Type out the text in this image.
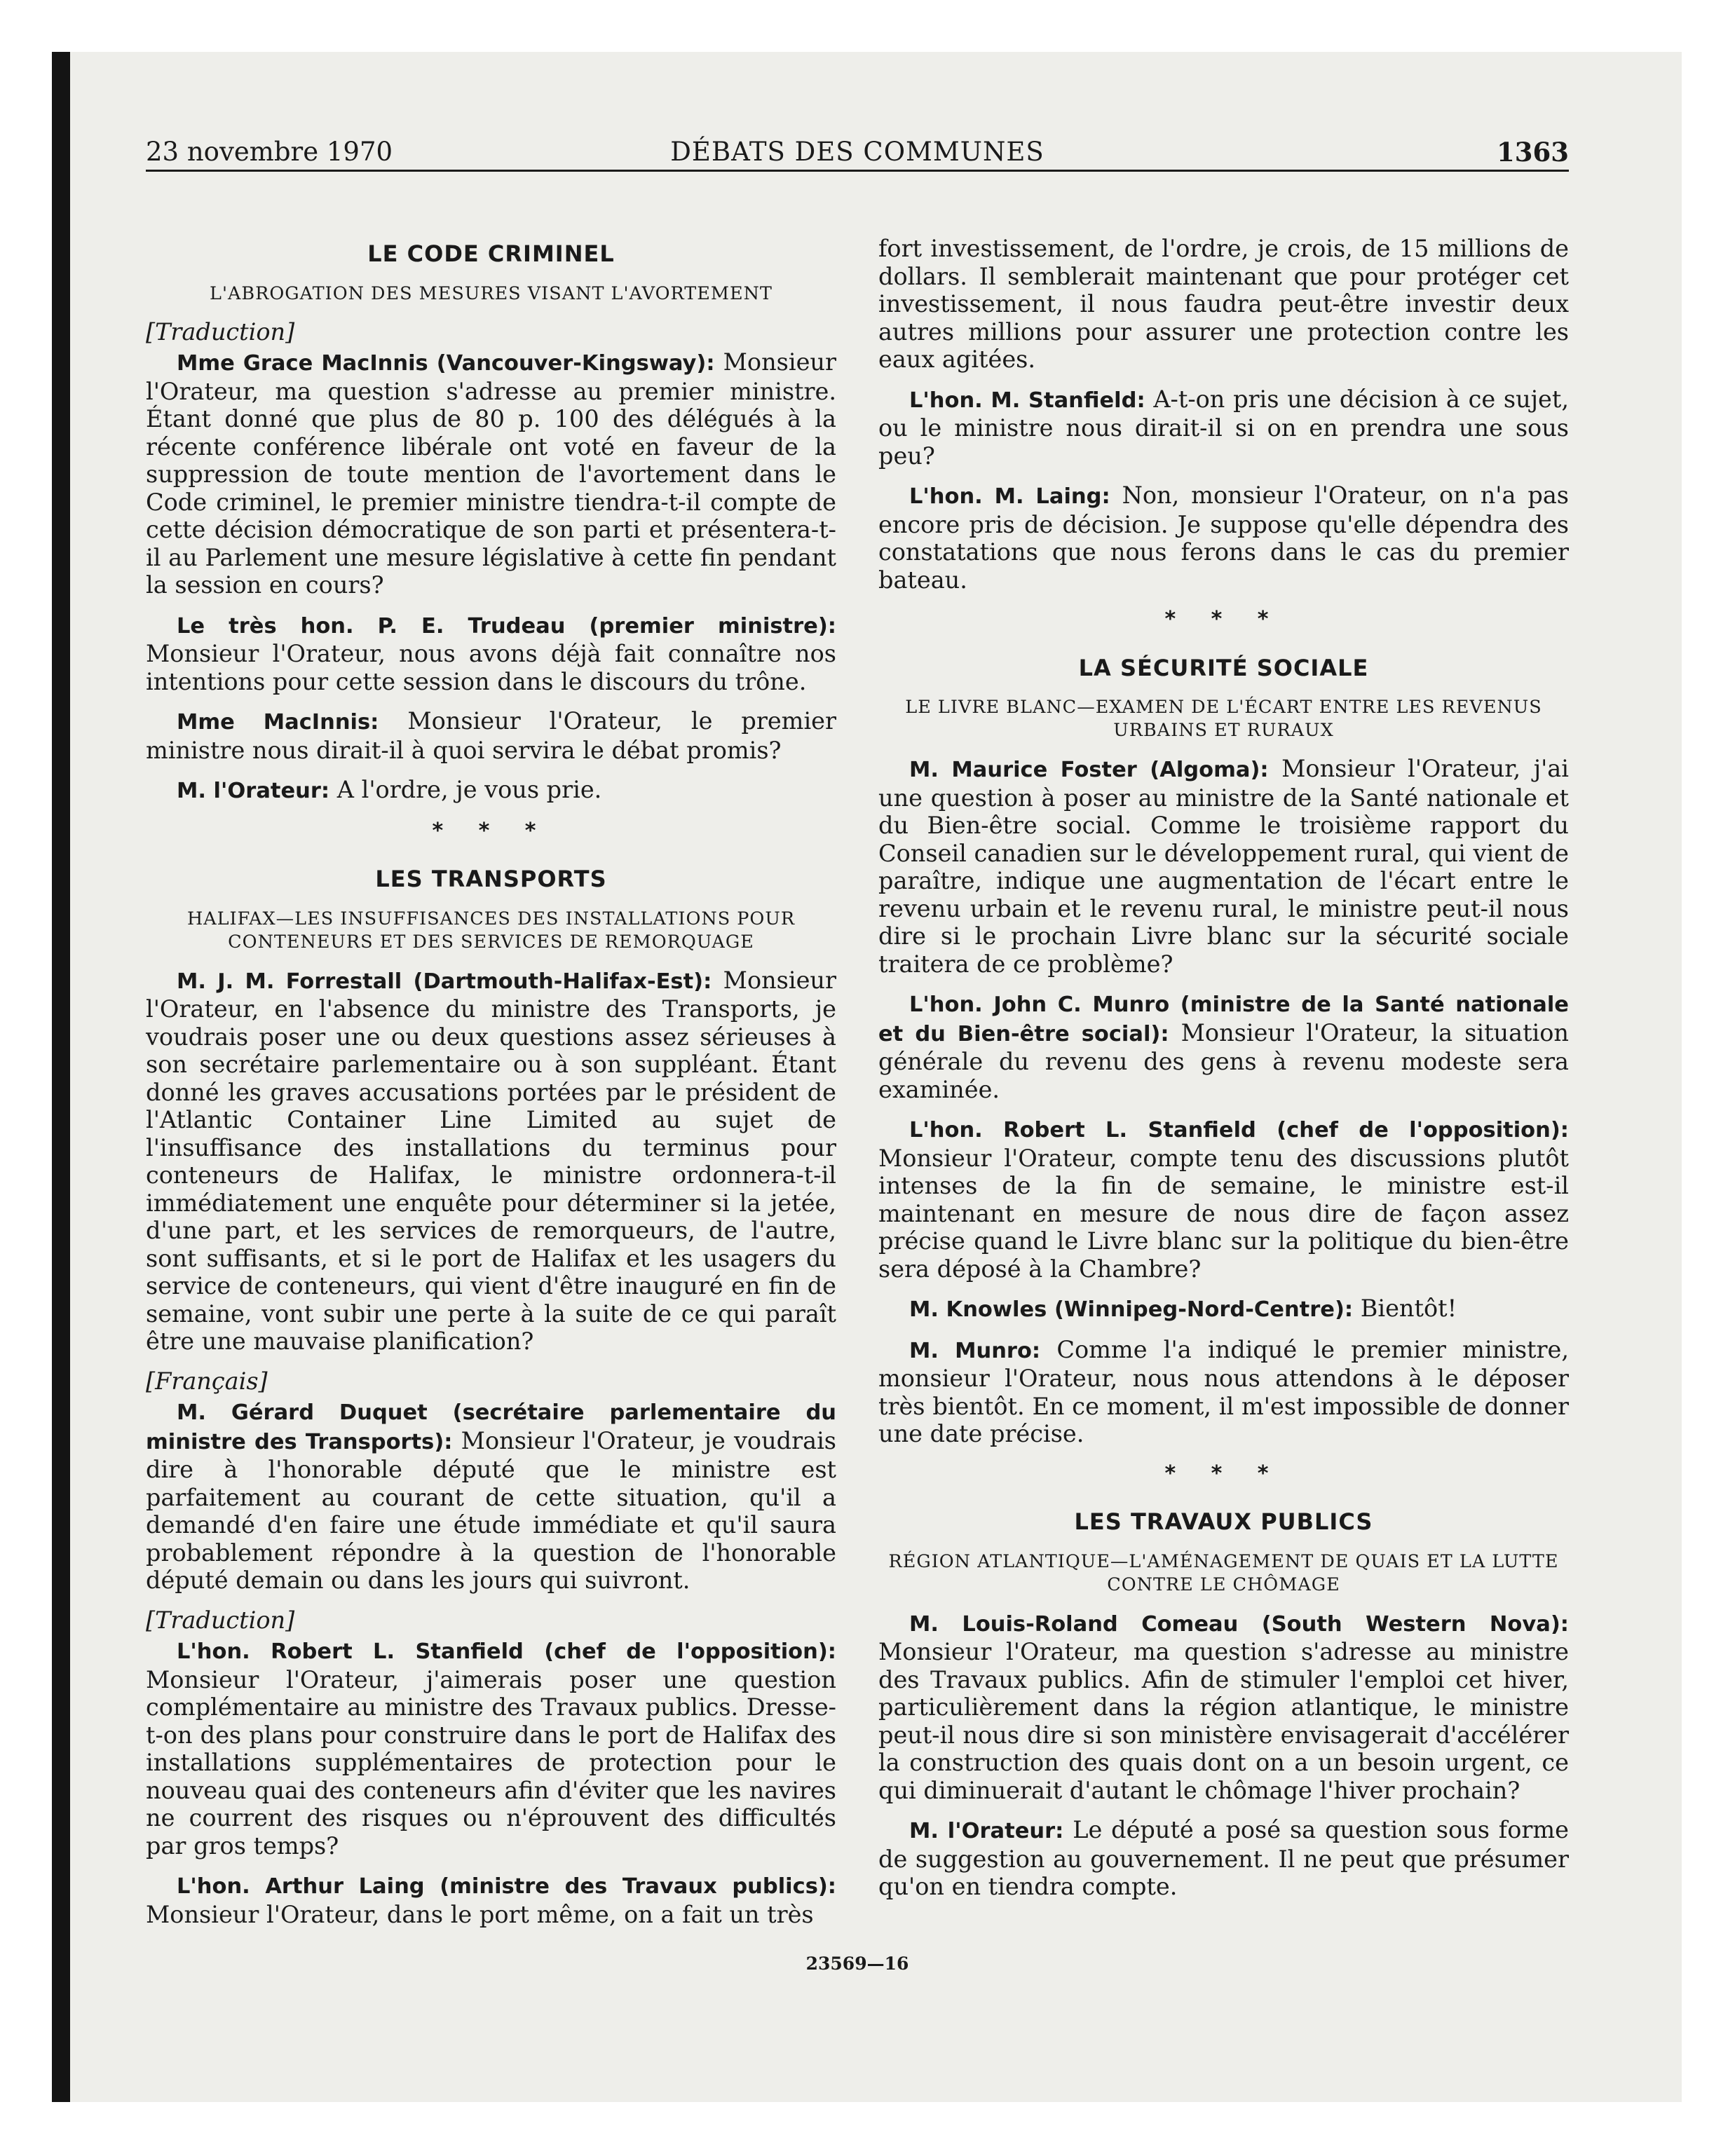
23 novembre 1970	DÉBATS DES COMMUNES	1363
LE CODE CRIMINEL
L'ABROGATION DES MESURES VISANT L'AVORTEMENT
[Traduction]

Mme Grace MacInnis (Vancouver-Kingsway): Monsieur l'Orateur, ma question s'adresse au premier ministre. Étant donné que plus de 80 p. 100 des délégués à la récente conférence libérale ont voté en faveur de la suppression de toute mention de l'avortement dans le Code criminel, le premier ministre tiendra-t-il compte de cette décision démocratique de son parti et présentera-t-il au Parlement une mesure législative à cette fin pendant la session en cours?

Le très hon. P. E. Trudeau (premier ministre): Monsieur l'Orateur, nous avons déjà fait connaître nos intentions pour cette session dans le discours du trône.

Mme MacInnis: Monsieur l'Orateur, le premier ministre nous dirait-il à quoi servira le débat promis?

M. l'Orateur: A l'ordre, je vous prie.

* * *
LES TRANSPORTS
HALIFAX—LES INSUFFISANCES DES INSTALLATIONS POUR CONTENEURS ET DES SERVICES DE REMORQUAGE

M. J. M. Forrestall (Dartmouth-Halifax-Est): Monsieur l'Orateur, en l'absence du ministre des Transports, je voudrais poser une ou deux questions assez sérieuses à son secrétaire parlementaire ou à son suppléant. Étant donné les graves accusations portées par le président de l'Atlantic Container Line Limited au sujet de l'insuffisance des installations du terminus pour conteneurs de Halifax, le ministre ordonnera-t-il immédiatement une enquête pour déterminer si la jetée, d'une part, et les services de remorqueurs, de l'autre, sont suffisants, et si le port de Halifax et les usagers du service de conteneurs, qui vient d'être inauguré en fin de semaine, vont subir une perte à la suite de ce qui paraît être une mauvaise planification?

[Français]

M. Gérard Duquet (secrétaire parlementaire du ministre des Transports): Monsieur l'Orateur, je voudrais dire à l'honorable député que le ministre est parfaitement au courant de cette situation, qu'il a demandé d'en faire une étude immédiate et qu'il saura probablement répondre à la question de l'honorable député demain ou dans les jours qui suivront.

[Traduction]

L'hon. Robert L. Stanfield (chef de l'opposition): Monsieur l'Orateur, j'aimerais poser une question complémentaire au ministre des Travaux publics. Dresse-t-on des plans pour construire dans le port de Halifax des installations supplémentaires de protection pour le nouveau quai des conteneurs afin d'éviter que les navires ne courrent des risques ou n'éprouvent des difficultés par gros temps?

L'hon. Arthur Laing (ministre des Travaux publics): Monsieur l'Orateur, dans le port même, on a fait un très

fort investissement, de l'ordre, je crois, de 15 millions de dollars. Il semblerait maintenant que pour protéger cet investissement, il nous faudra peut-être investir deux autres millions pour assurer une protection contre les eaux agitées.

L'hon. M. Stanfield: A-t-on pris une décision à ce sujet, ou le ministre nous dirait-il si on en prendra une sous peu?

L'hon. M. Laing: Non, monsieur l'Orateur, on n'a pas encore pris de décision. Je suppose qu'elle dépendra des constatations que nous ferons dans le cas du premier bateau.

* * *
LA SÉCURITÉ SOCIALE
LE LIVRE BLANC—EXAMEN DE L'ÉCART ENTRE LES REVENUS URBAINS ET RURAUX

M. Maurice Foster (Algoma): Monsieur l'Orateur, j'ai une question à poser au ministre de la Santé nationale et du Bien-être social. Comme le troisième rapport du Conseil canadien sur le développement rural, qui vient de paraître, indique une augmentation de l'écart entre le revenu urbain et le revenu rural, le ministre peut-il nous dire si le prochain Livre blanc sur la sécurité sociale traitera de ce problème?

L'hon. John C. Munro (ministre de la Santé nationale et du Bien-être social): Monsieur l'Orateur, la situation générale du revenu des gens à revenu modeste sera examinée.

L'hon. Robert L. Stanfield (chef de l'opposition): Monsieur l'Orateur, compte tenu des discussions plutôt intenses de la fin de semaine, le ministre est-il maintenant en mesure de nous dire de façon assez précise quand le Livre blanc sur la politique du bien-être sera déposé à la Chambre?

M. Knowles (Winnipeg-Nord-Centre): Bientôt!

M. Munro: Comme l'a indiqué le premier ministre, monsieur l'Orateur, nous nous attendons à le déposer très bientôt. En ce moment, il m'est impossible de donner une date précise.

* * *
LES TRAVAUX PUBLICS
RÉGION ATLANTIQUE—L'AMÉNAGEMENT DE QUAIS ET LA LUTTE CONTRE LE CHÔMAGE

M. Louis-Roland Comeau (South Western Nova): Monsieur l'Orateur, ma question s'adresse au ministre des Travaux publics. Afin de stimuler l'emploi cet hiver, particulièrement dans la région atlantique, le ministre peut-il nous dire si son ministère envisagerait d'accélérer la construction des quais dont on a un besoin urgent, ce qui diminuerait d'autant le chômage l'hiver prochain?

M. l'Orateur: Le député a posé sa question sous forme de suggestion au gouvernement. Il ne peut que présumer qu'on en tiendra compte.

23569—16
